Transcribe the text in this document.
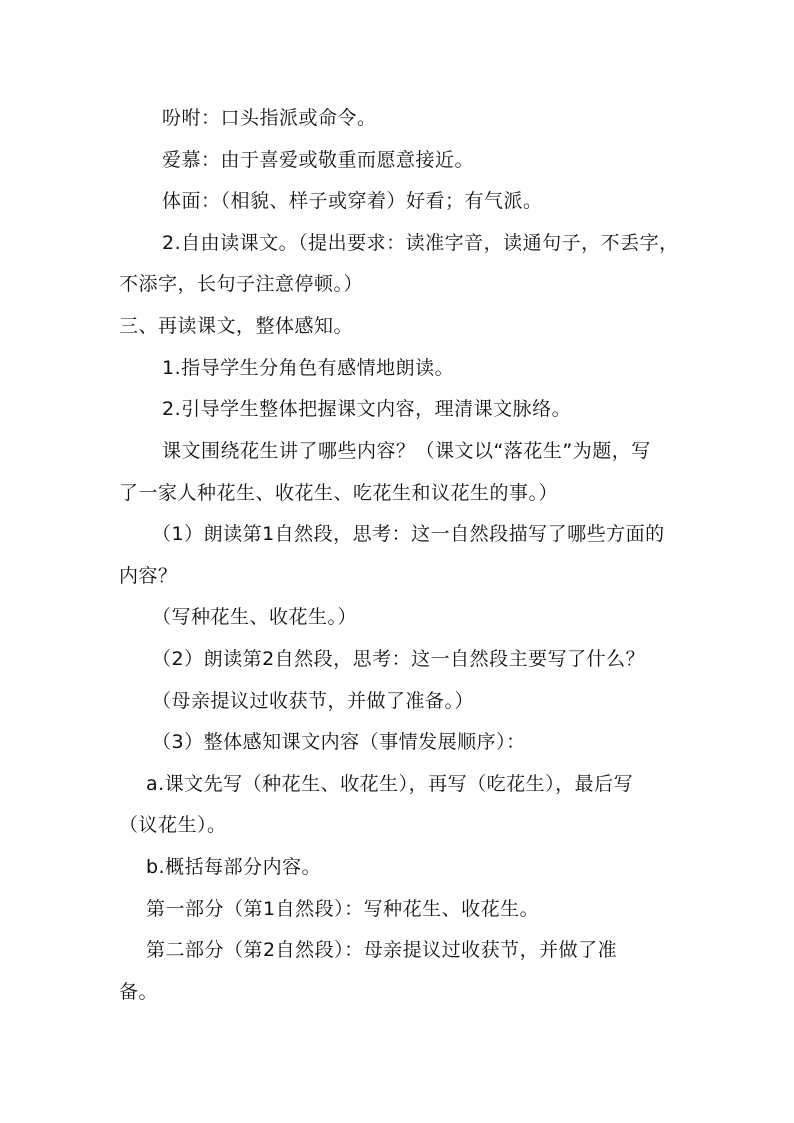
吩咐：口头指派或命令。
爱慕：由于喜爱或敬重而愿意接近。
体面：（相貌、样子或穿着）好看；有气派。
2.自由读课文。（提出要求：读准字音，读通句子，不丢字，
不添字，长句子注意停顿。）
三、再读课文，整体感知。
1.指导学生分角色有感情地朗读。
2.引导学生整体把握课文内容，理清课文脉络。
课文围绕花生讲了哪些内容？（课文以“落花生”为题，写
了一家人种花生、收花生、吃花生和议花生的事。）
（1）朗读第1自然段，思考：这一自然段描写了哪些方面的
内容？
（写种花生、收花生。）
（2）朗读第2自然段，思考：这一自然段主要写了什么？
（母亲提议过收获节，并做了准备。）
（3）整体感知课文内容（事情发展顺序）：
a.课文先写（种花生、收花生），再写（吃花生），最后写
（议花生）。
b.概括每部分内容。
第一部分（第1自然段）：写种花生、收花生。
第二部分（第2自然段）：母亲提议过收获节，并做了准
备。
